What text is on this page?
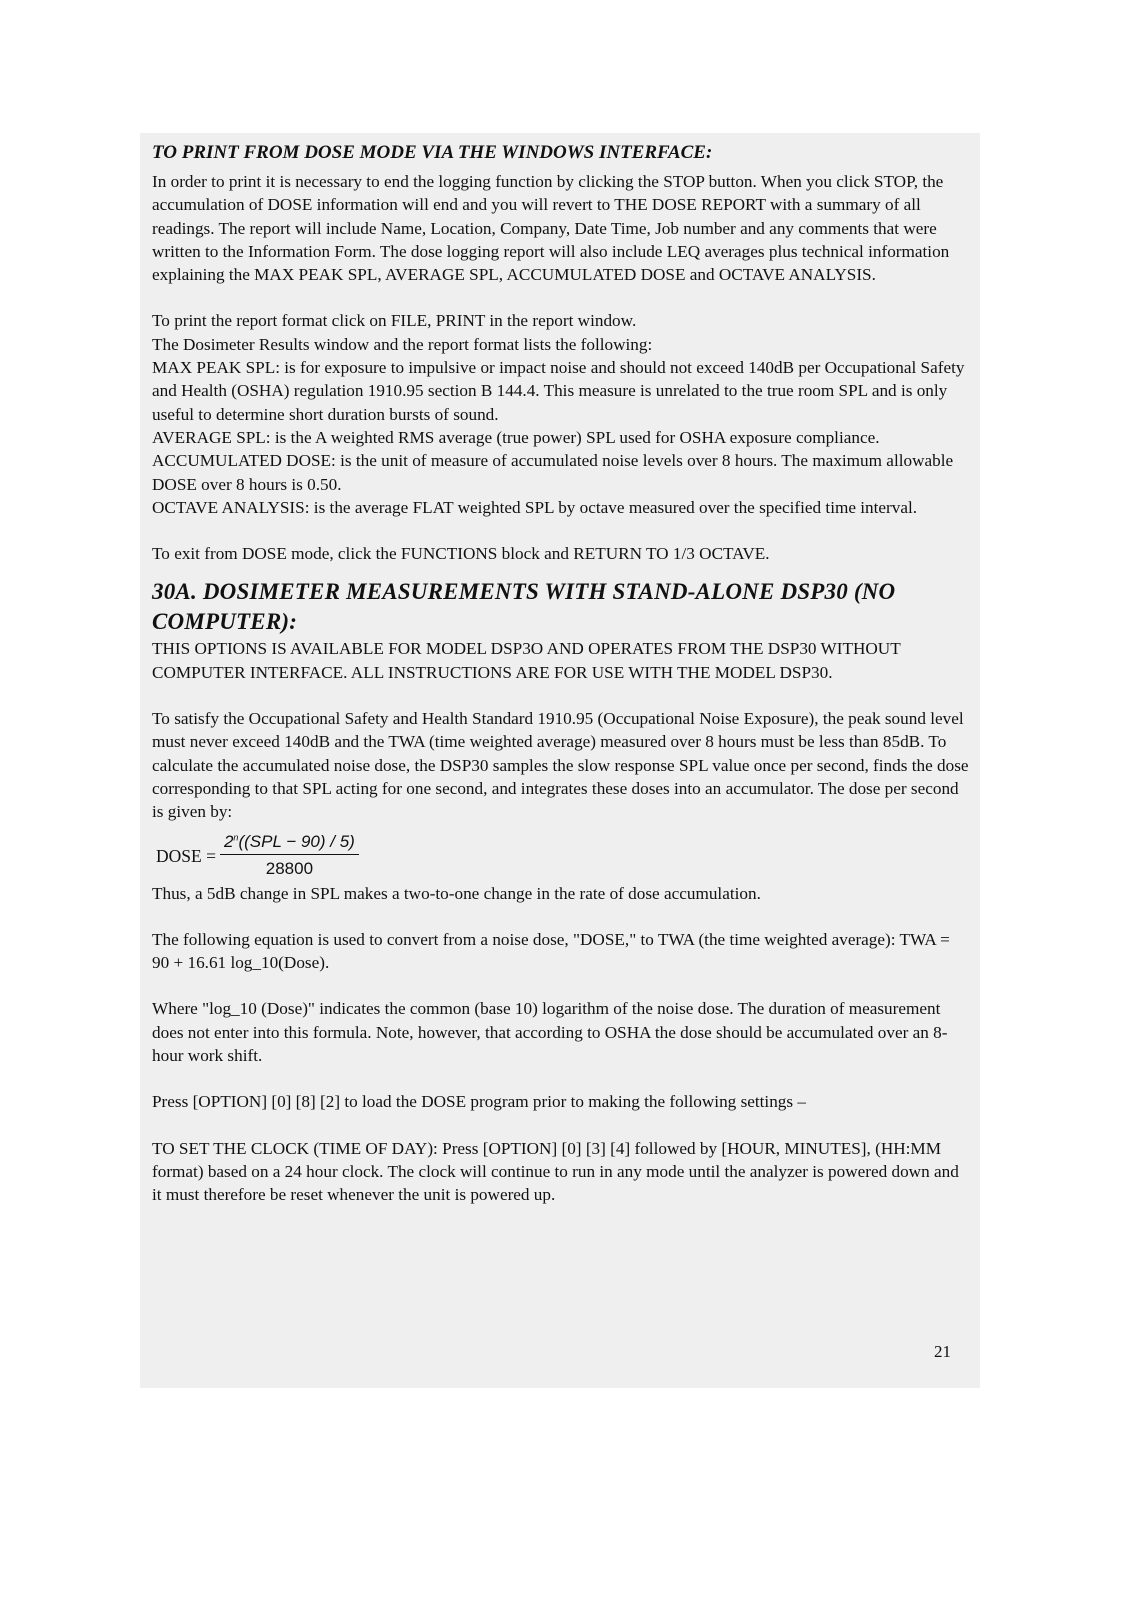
TO PRINT FROM DOSE MODE VIA THE WINDOWS INTERFACE:

In order to print it is necessary to end the logging function by clicking the STOP button. When you click STOP, the accumulation of DOSE information will end and you will revert to THE DOSE REPORT with a summary of all readings. The report will include Name, Location, Company, Date Time, Job number and any comments that were written to the Information Form. The dose logging report will also include LEQ averages plus technical information explaining the MAX PEAK SPL, AVERAGE SPL, ACCUMULATED DOSE and OCTAVE ANALYSIS.

To print the report format click on FILE, PRINT in the report window.

The Dosimeter Results window and the report format lists the following:

MAX PEAK SPL: is for exposure to impulsive or impact noise and should not exceed 140dB per Occupational Safety and Health (OSHA) regulation 1910.95 section B 144.4. This measure is unrelated to the true room SPL and is only useful to determine short duration bursts of sound.

AVERAGE SPL: is the A weighted RMS average (true power) SPL used for OSHA exposure compliance.

ACCUMULATED DOSE: is the unit of measure of accumulated noise levels over 8 hours. The maximum allowable DOSE over 8 hours is 0.50.

OCTAVE ANALYSIS: is the average FLAT weighted SPL by octave measured over the specified time interval.

To exit from DOSE mode, click the FUNCTIONS block and RETURN TO 1/3 OCTAVE.

30A. DOSIMETER MEASUREMENTS WITH STAND-ALONE DSP30 (NO COMPUTER):

THIS OPTIONS IS AVAILABLE FOR MODEL DSP3O AND OPERATES FROM THE DSP30 WITHOUT COMPUTER INTERFACE. ALL INSTRUCTIONS ARE FOR USE WITH THE MODEL DSP30.

To satisfy the Occupational Safety and Health Standard 1910.95 (Occupational Noise Exposure), the peak sound level must never exceed 140dB and the TWA (time weighted average) measured over 8 hours must be less than 85dB. To calculate the accumulated noise dose, the DSP30 samples the slow response SPL value once per second, finds the dose corresponding to that SPL acting for one second, and integrates these doses into an accumulator. The dose per second is given by:

DOSE = $\frac{2^n((SPL - 90) / 5)}{28800}$

Thus, a 5dB change in SPL makes a two-to-one change in the rate of dose accumulation.

The following equation is used to convert from a noise dose, "DOSE," to TWA (the time weighted average): TWA = 90 + 16.61 log_10(Dose).

Where "log_10 (Dose)" indicates the common (base 10) logarithm of the noise dose. The duration of measurement does not enter into this formula. Note, however, that according to OSHA the dose should be accumulated over an 8-hour work shift.

Press [OPTION] [0] [8] [2] to load the DOSE program prior to making the following settings –

TO SET THE CLOCK (TIME OF DAY): Press [OPTION] [0] [3] [4] followed by [HOUR, MINUTES], (HH:MM format) based on a 24 hour clock. The clock will continue to run in any mode until the analyzer is powered down and it must therefore be reset whenever the unit is powered up.

21
